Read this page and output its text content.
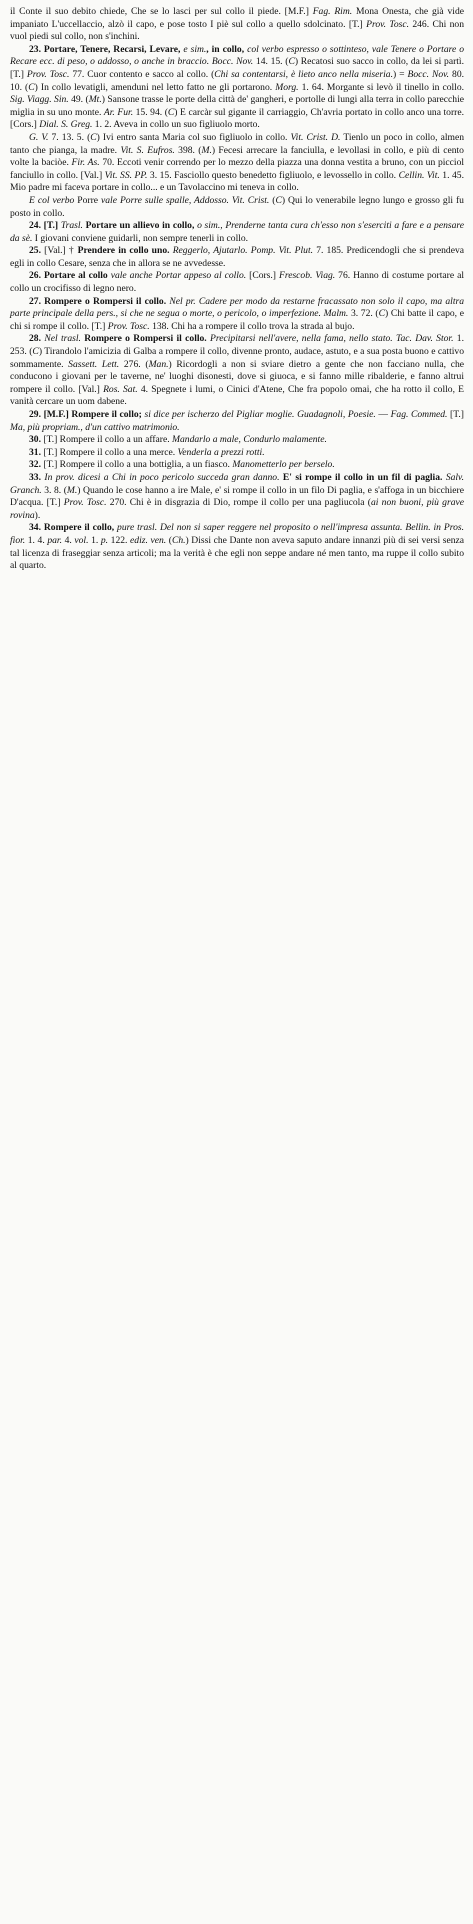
il Conte il suo debito chiede, Che se lo lasci per sul collo il piede. [M.F.] Fag. Rim. Mona Onesta, che già vide impaniato L'uccellaccio, alzò il capo, e pose tosto I piè sul collo a quello sdolcinato. [T.] Prov. Tosc. 246. Chi non vuol piedi sul collo, non s'inchini.

23. Portare, Tenere, Recarsi, Levare, e sim., in collo, col verbo espresso o sottinteso, vale Tenere o Portare o Recare ecc. di peso, o addosso, o anche in braccio. Bocc. Nov. 14. 15. (C) Recatosi suo sacco in collo, da lei si partì. [T.] Prov. Tosc. 77. Cuor contento e sacco al collo. (Chi sa contentarsi, è lieto anco nella miseria.) = Bocc. Nov. 80. 10. (C) In collo levatigli, amenduni nel letto fatto ne gli portarono. Morg. 1. 64. Morgante si levò il tinello in collo. Sig. Viagg. Sin. 49. (Mt.) Sansone trasse le porte della città de' gangheri, e portolle di lungi alla terra in collo parecchie miglia in su uno monte. Ar. Fur. 15. 94. (C) E carcàr sul gigante il carriaggio, Ch'avria portato in collo anco una torre. [Cors.] Dial. S. Greg. 1. 2. Aveva in collo un suo figliuolo morto.

G. V. 7. 13. 5. (C) Ivi entro santa Maria col suo figliuolo in collo. Vit. Crist. D. Tienlo un poco in collo, almen tanto che pianga, la madre. Vit. S. Eufros. 398. (M.) Fecesi arrecare la fanciulla, e levollasi in collo, e più di cento volte la baciòe. Fir. As. 70. Eccoti venir correndo per lo mezzo della piazza una donna vestita a bruno, con un picciol fanciullo in collo. [Val.] Vit. SS. PP. 3. 15. Fasciollo questo benedetto figliuolo, e levossello in collo. Cellin. Vit. 1. 45. Mio padre mi faceva portare in collo... e un Tavolaccino mi teneva in collo.

E col verbo Porre vale Porre sulle spalle, Addosso. Vit. Crist. (C) Qui lo venerabile legno lungo e grosso gli fu posto in collo.

24. [T.] Trasl. Portare un allievo in collo, o sim., Prenderne tanta cura ch'esso non s'eserciti a fare e a pensare da sè. I giovani conviene guidarli, non sempre tenerli in collo.

25. [Val.] † Prendere in collo uno. Reggerlo, Ajutarlo. Pomp. Vit. Plut. 7. 185. Predicendogli che si prendeva egli in collo Cesare, senza che in allora se ne avvedesse.

26. Portare al collo vale anche Portar appeso al collo. [Cors.] Frescob. Viag. 76. Hanno di costume portare al collo un crocifisso di legno nero.

27. Rompere o Rompersi il collo. Nel pr. Cadere per modo da restarne fracassato non solo il capo, ma altra parte principale della pers., si che ne segua o morte, o pericolo, o imperfezione. Malm. 3. 72. (C) Chi batte il capo, e chi si rompe il collo. [T.] Prov. Tosc. 138. Chi ha a rompere il collo trova la strada al bujo.

28. Nel trasl. Rompere o Rompersi il collo. Precipitarsi nell'avere, nella fama, nello stato. Tac. Dav. Stor. 1. 253. (C) Tirandolo l'amicizia di Galba a rompere il collo, divenne pronto, audace, astuto, e a sua posta buono e cattivo sommamente. Sassett. Lett. 276. (Man.) Ricordogli a non si sviare dietro a gente che non facciano nulla, che conducono i giovani per le taverne, ne' luoghi disonesti, dove si giuoca, e si fanno mille ribalderie, e fanno altrui rompere il collo. [Val.] Ros. Sat. 4. Spegnete i lumi, o Cinici d'Atene, Che fra popolo omai, che ha rotto il collo, E vanità cercare un uom dabene.

29. [M.F.] Rompere il collo; si dice per ischerzo del Pigliar moglie. Guadagnoli, Poesie. — Fag. Commed. [T.] Ma, più propriam., d'un cattivo matrimonio.

30. [T.] Rompere il collo a un affare. Mandarlo a male, Condurlo malamente.

31. [T.] Rompere il collo a una merce. Venderla a prezzi rotti.

32. [T.] Rompere il collo a una bottiglia, a un fiasco. Manometterlo per berselo.

33. In prov. dicesi a Chi in poco pericolo succeda gran danno. E' si rompe il collo in un fil di paglia. Salv. Granch. 3. 8. (M.) Quando le cose hanno a ire Male, e' si rompe il collo in un filo Di paglia, e s'affoga in un bicchiere D'acqua. [T.] Prov. Tosc. 270. Chi è in disgrazia di Dio, rompe il collo per una pagliucola (ai non buoni, più grave rovina).

34. Rompere il collo, pure trasl. Del non si saper reggere nel proposito o nell'impresa assunta. Bellin. in Pros. fior. 1. 4. par. 4. vol. 1. p. 122. ediz. ven. (Ch.) Dissi che Dante non aveva saputo andare innanzi più di sei versi senza tal licenza di fraseggiar senza articoli; ma la verità è che egli non seppe andare né men tanto, ma ruppe il collo subito al quarto.
